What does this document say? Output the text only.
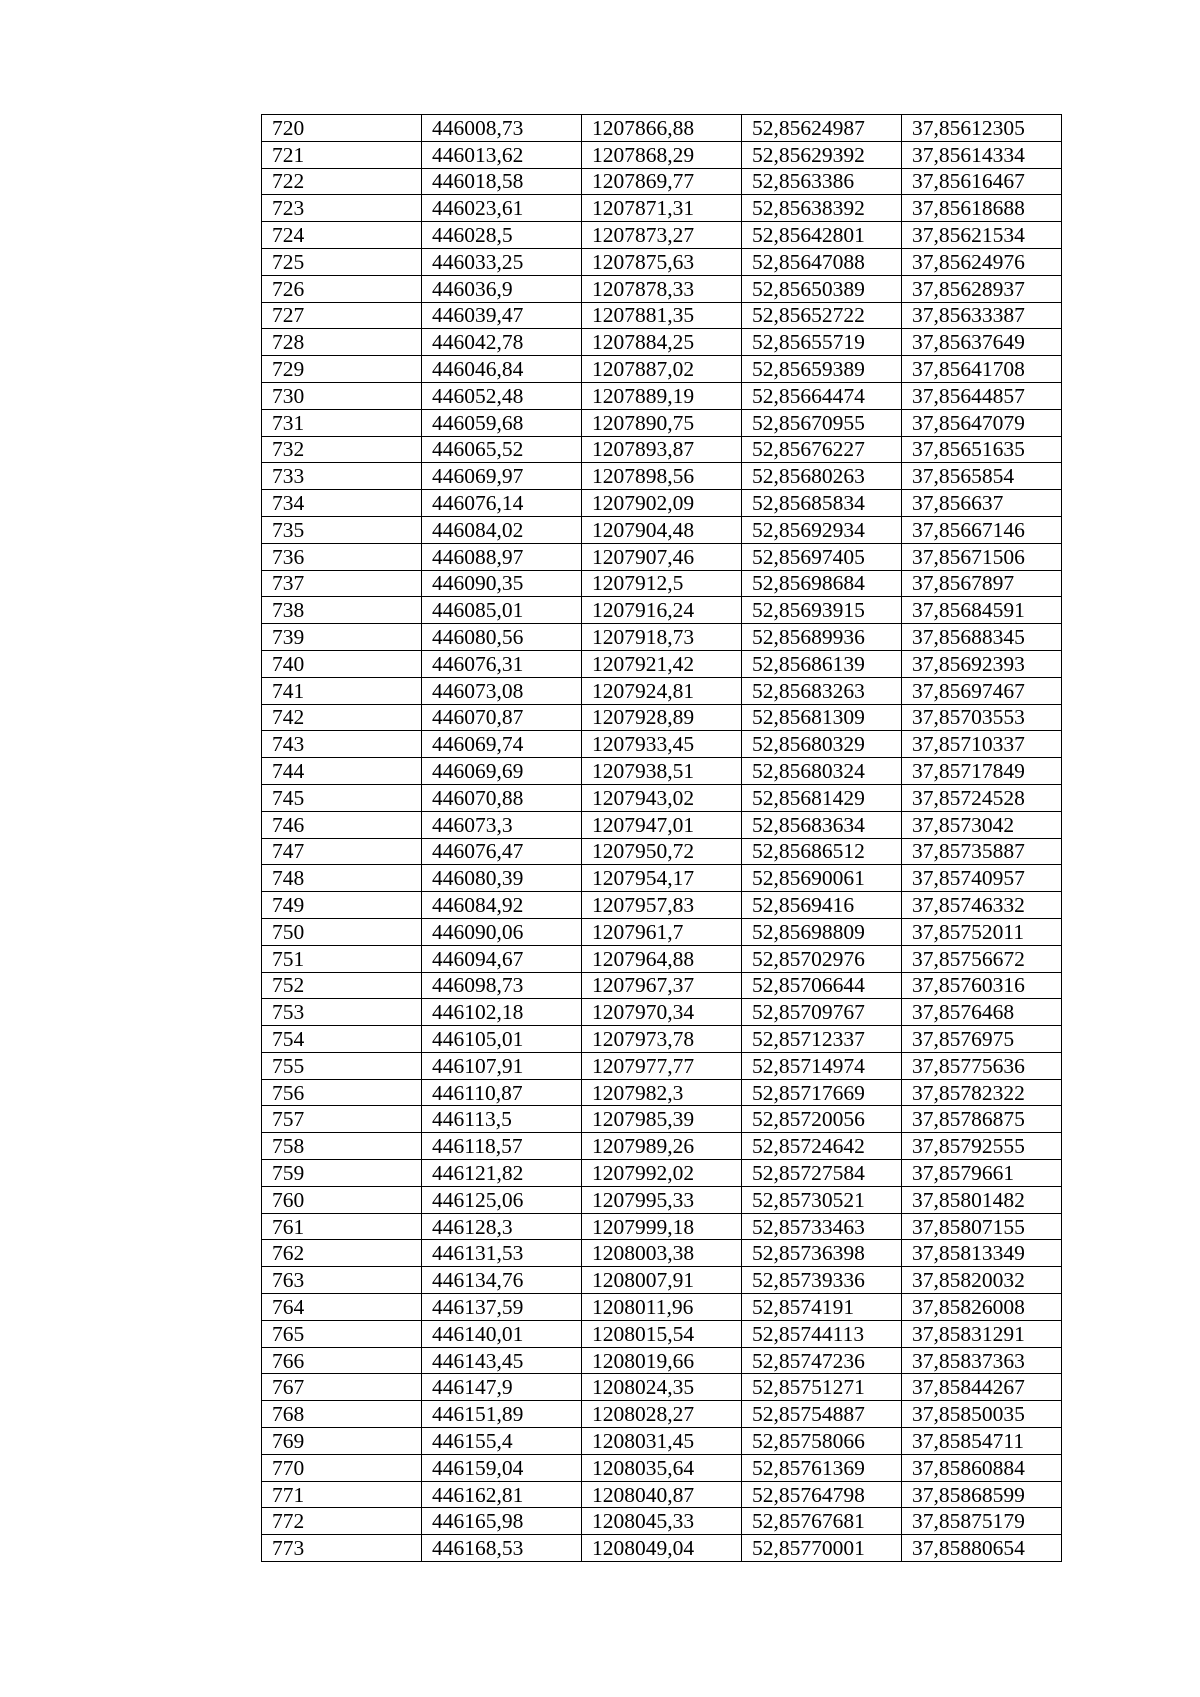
720	446008,73	1207866,88	52,85624987	37,85612305
721	446013,62	1207868,29	52,85629392	37,85614334
722	446018,58	1207869,77	52,8563386	37,85616467
723	446023,61	1207871,31	52,85638392	37,85618688
724	446028,5	1207873,27	52,85642801	37,85621534
725	446033,25	1207875,63	52,85647088	37,85624976
726	446036,9	1207878,33	52,85650389	37,85628937
727	446039,47	1207881,35	52,85652722	37,85633387
728	446042,78	1207884,25	52,85655719	37,85637649
729	446046,84	1207887,02	52,85659389	37,85641708
730	446052,48	1207889,19	52,85664474	37,85644857
731	446059,68	1207890,75	52,85670955	37,85647079
732	446065,52	1207893,87	52,85676227	37,85651635
733	446069,97	1207898,56	52,85680263	37,8565854
734	446076,14	1207902,09	52,85685834	37,856637
735	446084,02	1207904,48	52,85692934	37,85667146
736	446088,97	1207907,46	52,85697405	37,85671506
737	446090,35	1207912,5	52,85698684	37,8567897
738	446085,01	1207916,24	52,85693915	37,85684591
739	446080,56	1207918,73	52,85689936	37,85688345
740	446076,31	1207921,42	52,85686139	37,85692393
741	446073,08	1207924,81	52,85683263	37,85697467
742	446070,87	1207928,89	52,85681309	37,85703553
743	446069,74	1207933,45	52,85680329	37,85710337
744	446069,69	1207938,51	52,85680324	37,85717849
745	446070,88	1207943,02	52,85681429	37,85724528
746	446073,3	1207947,01	52,85683634	37,8573042
747	446076,47	1207950,72	52,85686512	37,85735887
748	446080,39	1207954,17	52,85690061	37,85740957
749	446084,92	1207957,83	52,8569416	37,85746332
750	446090,06	1207961,7	52,85698809	37,85752011
751	446094,67	1207964,88	52,85702976	37,85756672
752	446098,73	1207967,37	52,85706644	37,85760316
753	446102,18	1207970,34	52,85709767	37,8576468
754	446105,01	1207973,78	52,85712337	37,8576975
755	446107,91	1207977,77	52,85714974	37,85775636
756	446110,87	1207982,3	52,85717669	37,85782322
757	446113,5	1207985,39	52,85720056	37,85786875
758	446118,57	1207989,26	52,85724642	37,85792555
759	446121,82	1207992,02	52,85727584	37,8579661
760	446125,06	1207995,33	52,85730521	37,85801482
761	446128,3	1207999,18	52,85733463	37,85807155
762	446131,53	1208003,38	52,85736398	37,85813349
763	446134,76	1208007,91	52,85739336	37,85820032
764	446137,59	1208011,96	52,8574191	37,85826008
765	446140,01	1208015,54	52,85744113	37,85831291
766	446143,45	1208019,66	52,85747236	37,85837363
767	446147,9	1208024,35	52,85751271	37,85844267
768	446151,89	1208028,27	52,85754887	37,85850035
769	446155,4	1208031,45	52,85758066	37,85854711
770	446159,04	1208035,64	52,85761369	37,85860884
771	446162,81	1208040,87	52,85764798	37,85868599
772	446165,98	1208045,33	52,85767681	37,85875179
773	446168,53	1208049,04	52,85770001	37,85880654
